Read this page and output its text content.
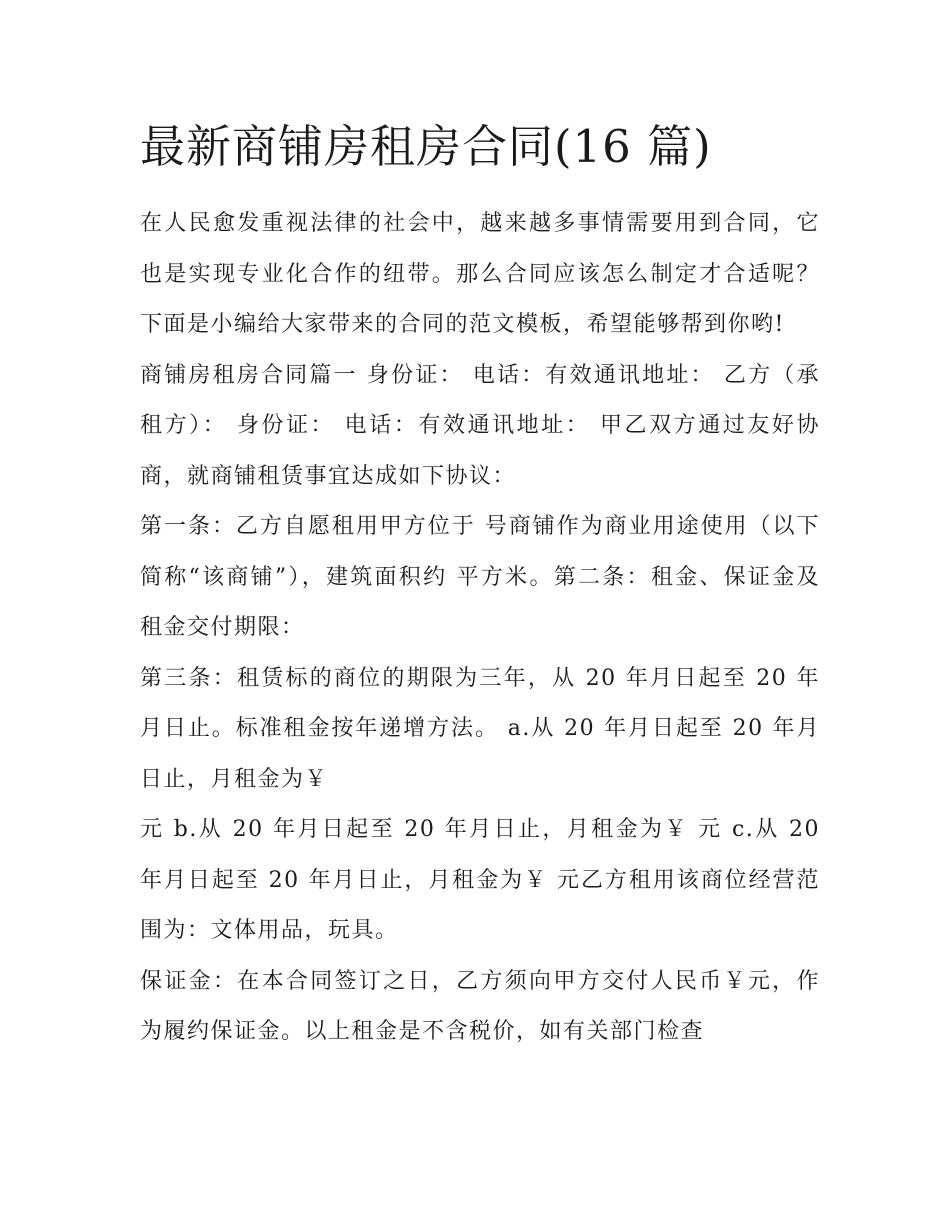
最新商铺房租房合同(16 篇)

在人民愈发重视法律的社会中，越来越多事情需要用到合同，它也是实现专业化合作的纽带。那么合同应该怎么制定才合适呢？下面是小编给大家带来的合同的范文模板，希望能够帮到你哟!

商铺房租房合同篇一 身份证： 电话：有效通讯地址： 乙方（承租方）： 身份证： 电话：有效通讯地址： 甲乙双方通过友好协商，就商铺租赁事宜达成如下协议：

第一条：乙方自愿租用甲方位于 号商铺作为商业用途使用（以下简称“该商铺”），建筑面积约 平方米。第二条：租金、保证金及租金交付期限：

第三条：租赁标的商位的期限为三年，从 20 年月日起至 20 年月日止。标准租金按年递增方法。 a.从 20 年月日起至 20 年月日止，月租金为￥

元 b.从 20 年月日起至 20 年月日止，月租金为￥ 元 c.从 20 年月日起至 20 年月日止，月租金为￥ 元乙方租用该商位经营范围为：文体用品，玩具。

保证金：在本合同签订之日，乙方须向甲方交付人民币￥元，作为履约保证金。以上租金是不含税价，如有关部门检查
